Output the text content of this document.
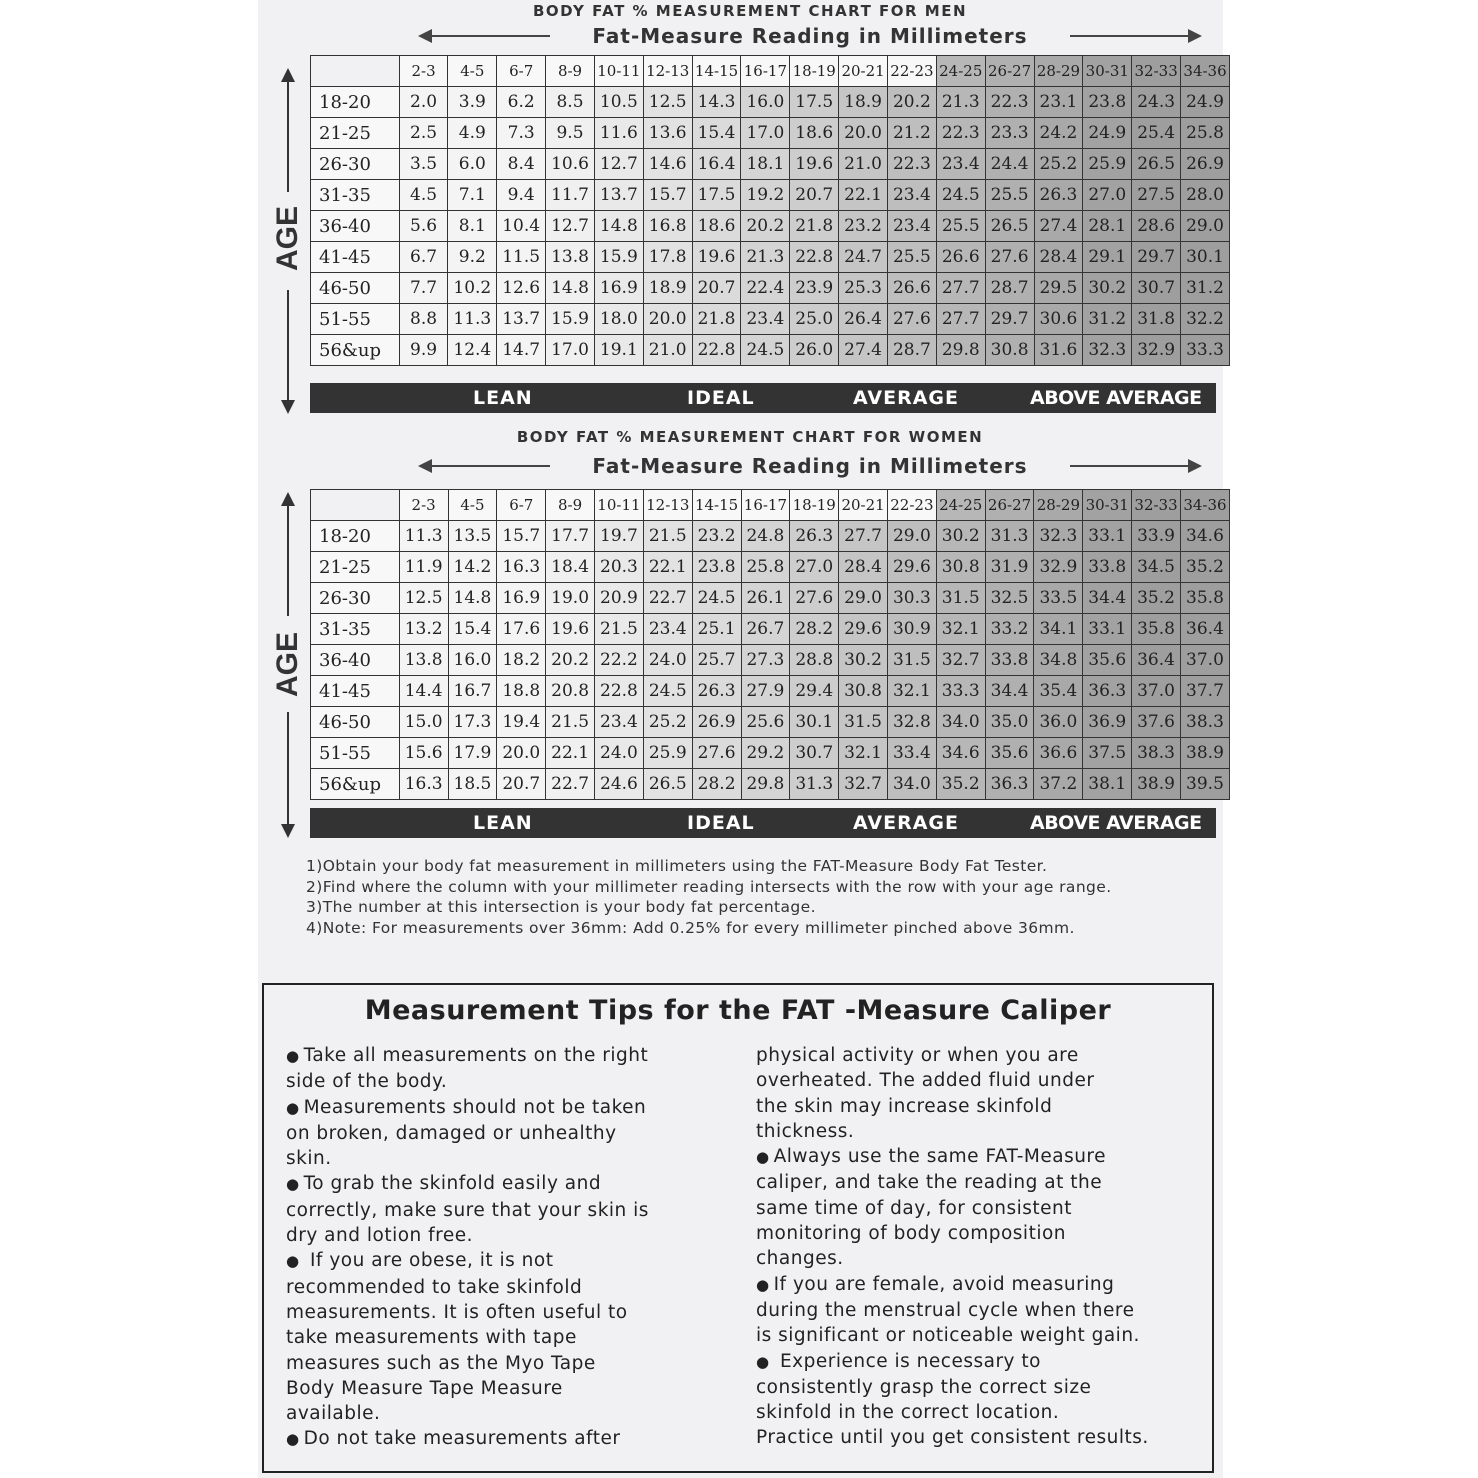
BODY FAT % MEASUREMENT CHART FOR MEN
Fat-Measure Reading in Millimeters
AGE
	2-3	4-5	6-7	8-9	10-11	12-13	14-15	16-17	18-19	20-21	22-23	24-25	26-27	28-29	30-31	32-33	34-36
18-20	2.0	3.9	6.2	8.5	10.5	12.5	14.3	16.0	17.5	18.9	20.2	21.3	22.3	23.1	23.8	24.3	24.9
21-25	2.5	4.9	7.3	9.5	11.6	13.6	15.4	17.0	18.6	20.0	21.2	22.3	23.3	24.2	24.9	25.4	25.8
26-30	3.5	6.0	8.4	10.6	12.7	14.6	16.4	18.1	19.6	21.0	22.3	23.4	24.4	25.2	25.9	26.5	26.9
31-35	4.5	7.1	9.4	11.7	13.7	15.7	17.5	19.2	20.7	22.1	23.4	24.5	25.5	26.3	27.0	27.5	28.0
36-40	5.6	8.1	10.4	12.7	14.8	16.8	18.6	20.2	21.8	23.2	23.4	25.5	26.5	27.4	28.1	28.6	29.0
41-45	6.7	9.2	11.5	13.8	15.9	17.8	19.6	21.3	22.8	24.7	25.5	26.6	27.6	28.4	29.1	29.7	30.1
46-50	7.7	10.2	12.6	14.8	16.9	18.9	20.7	22.4	23.9	25.3	26.6	27.7	28.7	29.5	30.2	30.7	31.2
51-55	8.8	11.3	13.7	15.9	18.0	20.0	21.8	23.4	25.0	26.4	27.6	27.7	29.7	30.6	31.2	31.8	32.2
56&up	9.9	12.4	14.7	17.0	19.1	21.0	22.8	24.5	26.0	27.4	28.7	29.8	30.8	31.6	32.3	32.9	33.3
LEAN	IDEAL	AVERAGE	ABOVE AVERAGE
BODY FAT % MEASUREMENT CHART FOR WOMEN
Fat-Measure Reading in Millimeters
AGE
	2-3	4-5	6-7	8-9	10-11	12-13	14-15	16-17	18-19	20-21	22-23	24-25	26-27	28-29	30-31	32-33	34-36
18-20	11.3	13.5	15.7	17.7	19.7	21.5	23.2	24.8	26.3	27.7	29.0	30.2	31.3	32.3	33.1	33.9	34.6
21-25	11.9	14.2	16.3	18.4	20.3	22.1	23.8	25.8	27.0	28.4	29.6	30.8	31.9	32.9	33.8	34.5	35.2
26-30	12.5	14.8	16.9	19.0	20.9	22.7	24.5	26.1	27.6	29.0	30.3	31.5	32.5	33.5	34.4	35.2	35.8
31-35	13.2	15.4	17.6	19.6	21.5	23.4	25.1	26.7	28.2	29.6	30.9	32.1	33.2	34.1	33.1	35.8	36.4
36-40	13.8	16.0	18.2	20.2	22.2	24.0	25.7	27.3	28.8	30.2	31.5	32.7	33.8	34.8	35.6	36.4	37.0
41-45	14.4	16.7	18.8	20.8	22.8	24.5	26.3	27.9	29.4	30.8	32.1	33.3	34.4	35.4	36.3	37.0	37.7
46-50	15.0	17.3	19.4	21.5	23.4	25.2	26.9	25.6	30.1	31.5	32.8	34.0	35.0	36.0	36.9	37.6	38.3
51-55	15.6	17.9	20.0	22.1	24.0	25.9	27.6	29.2	30.7	32.1	33.4	34.6	35.6	36.6	37.5	38.3	38.9
56&up	16.3	18.5	20.7	22.7	24.6	26.5	28.2	29.8	31.3	32.7	34.0	35.2	36.3	37.2	38.1	38.9	39.5
LEAN	IDEAL	AVERAGE	ABOVE AVERAGE
1)Obtain your body fat measurement in millimeters using the FAT-Measure Body Fat Tester.
2)Find where the column with your millimeter reading intersects with the row with your age range.
3)The number at this intersection is your body fat percentage.
4)Note: For measurements over 36mm: Add 0.25% for every millimeter pinched above 36mm.
Measurement Tips for the FAT -Measure Caliper
● Take all measurements on the right
side of the body.
● Measurements should not be taken
on broken, damaged or unhealthy
skin.
● To grab the skinfold easily and
correctly, make sure that your skin is
dry and lotion free.
● If you are obese, it is not
recommended to take skinfold
measurements. It is often useful to
take measurements with tape
measures such as the Myo Tape
Body Measure Tape Measure
available.
● Do not take measurements after
physical activity or when you are
overheated. The added fluid under
the skin may increase skinfold
thickness.
● Always use the same FAT-Measure
caliper, and take the reading at the
same time of day, for consistent
monitoring of body composition
changes.
● If you are female, avoid measuring
during the menstrual cycle when there
is significant or noticeable weight gain.
● Experience is necessary to
consistently grasp the correct size
skinfold in the correct location.
Practice until you get consistent results.
